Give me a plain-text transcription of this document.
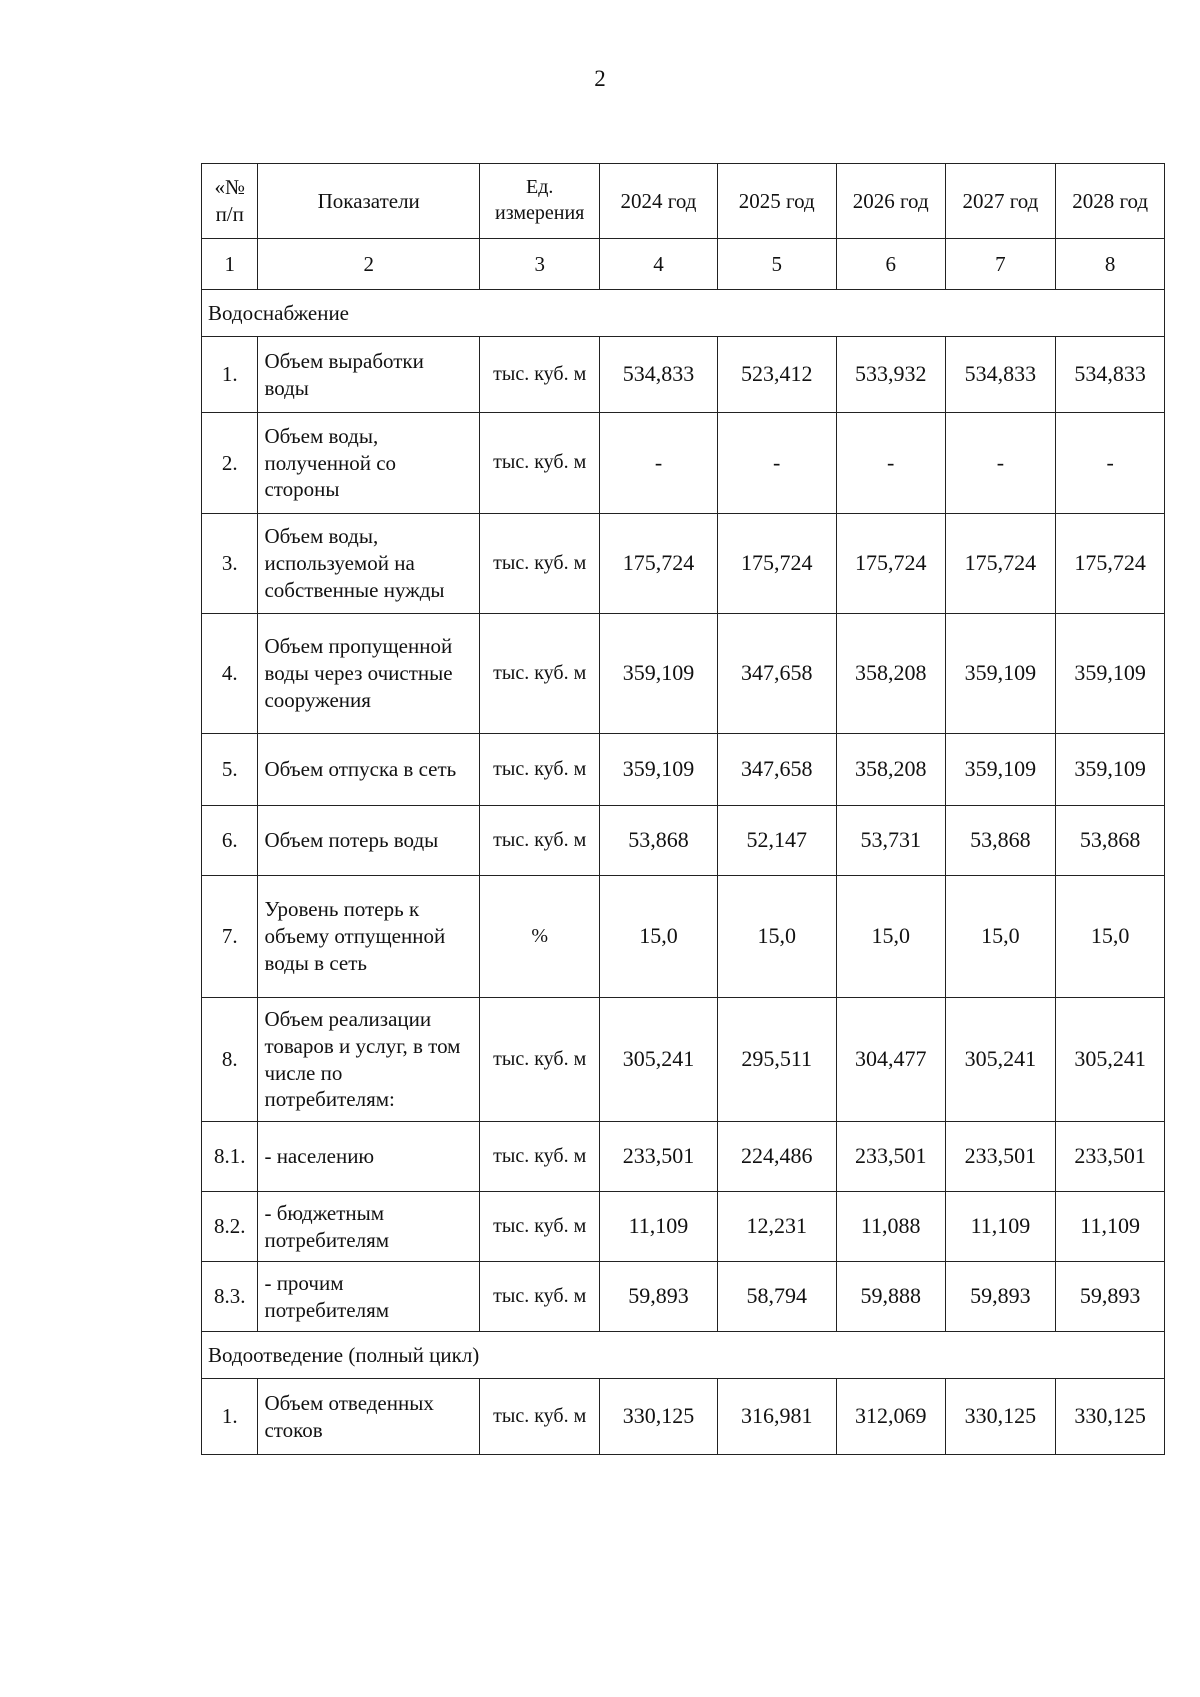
2
«№ п/п	Показатели	Ед. измерения	2024 год	2025 год	2026 год	2027 год	2028 год
1	2	3	4	5	6	7	8
Водоснабжение							
1.	Объем выработки воды	тыс. куб. м	534,833	523,412	533,932	534,833	534,833
2.	Объем воды, полученной со стороны	тыс. куб. м	-	-	-	-	-
3.	Объем воды, используемой на собственные нужды	тыс. куб. м	175,724	175,724	175,724	175,724	175,724
4.	Объем пропущенной воды через очистные сооружения	тыс. куб. м	359,109	347,658	358,208	359,109	359,109
5.	Объем отпуска в сеть	тыс. куб. м	359,109	347,658	358,208	359,109	359,109
6.	Объем потерь воды	тыс. куб. м	53,868	52,147	53,731	53,868	53,868
7.	Уровень потерь к объему отпущенной воды в сеть	%	15,0	15,0	15,0	15,0	15,0
8.	Объем реализации товаров и услуг, в том числе по потребителям:	тыс. куб. м	305,241	295,511	304,477	305,241	305,241
8.1.	- населению	тыс. куб. м	233,501	224,486	233,501	233,501	233,501
8.2.	- бюджетным потребителям	тыс. куб. м	11,109	12,231	11,088	11,109	11,109
8.3.	- прочим потребителям	тыс. куб. м	59,893	58,794	59,888	59,893	59,893
Водоотведение (полный цикл)							
1.	Объем отведенных стоков	тыс. куб. м	330,125	316,981	312,069	330,125	330,125
